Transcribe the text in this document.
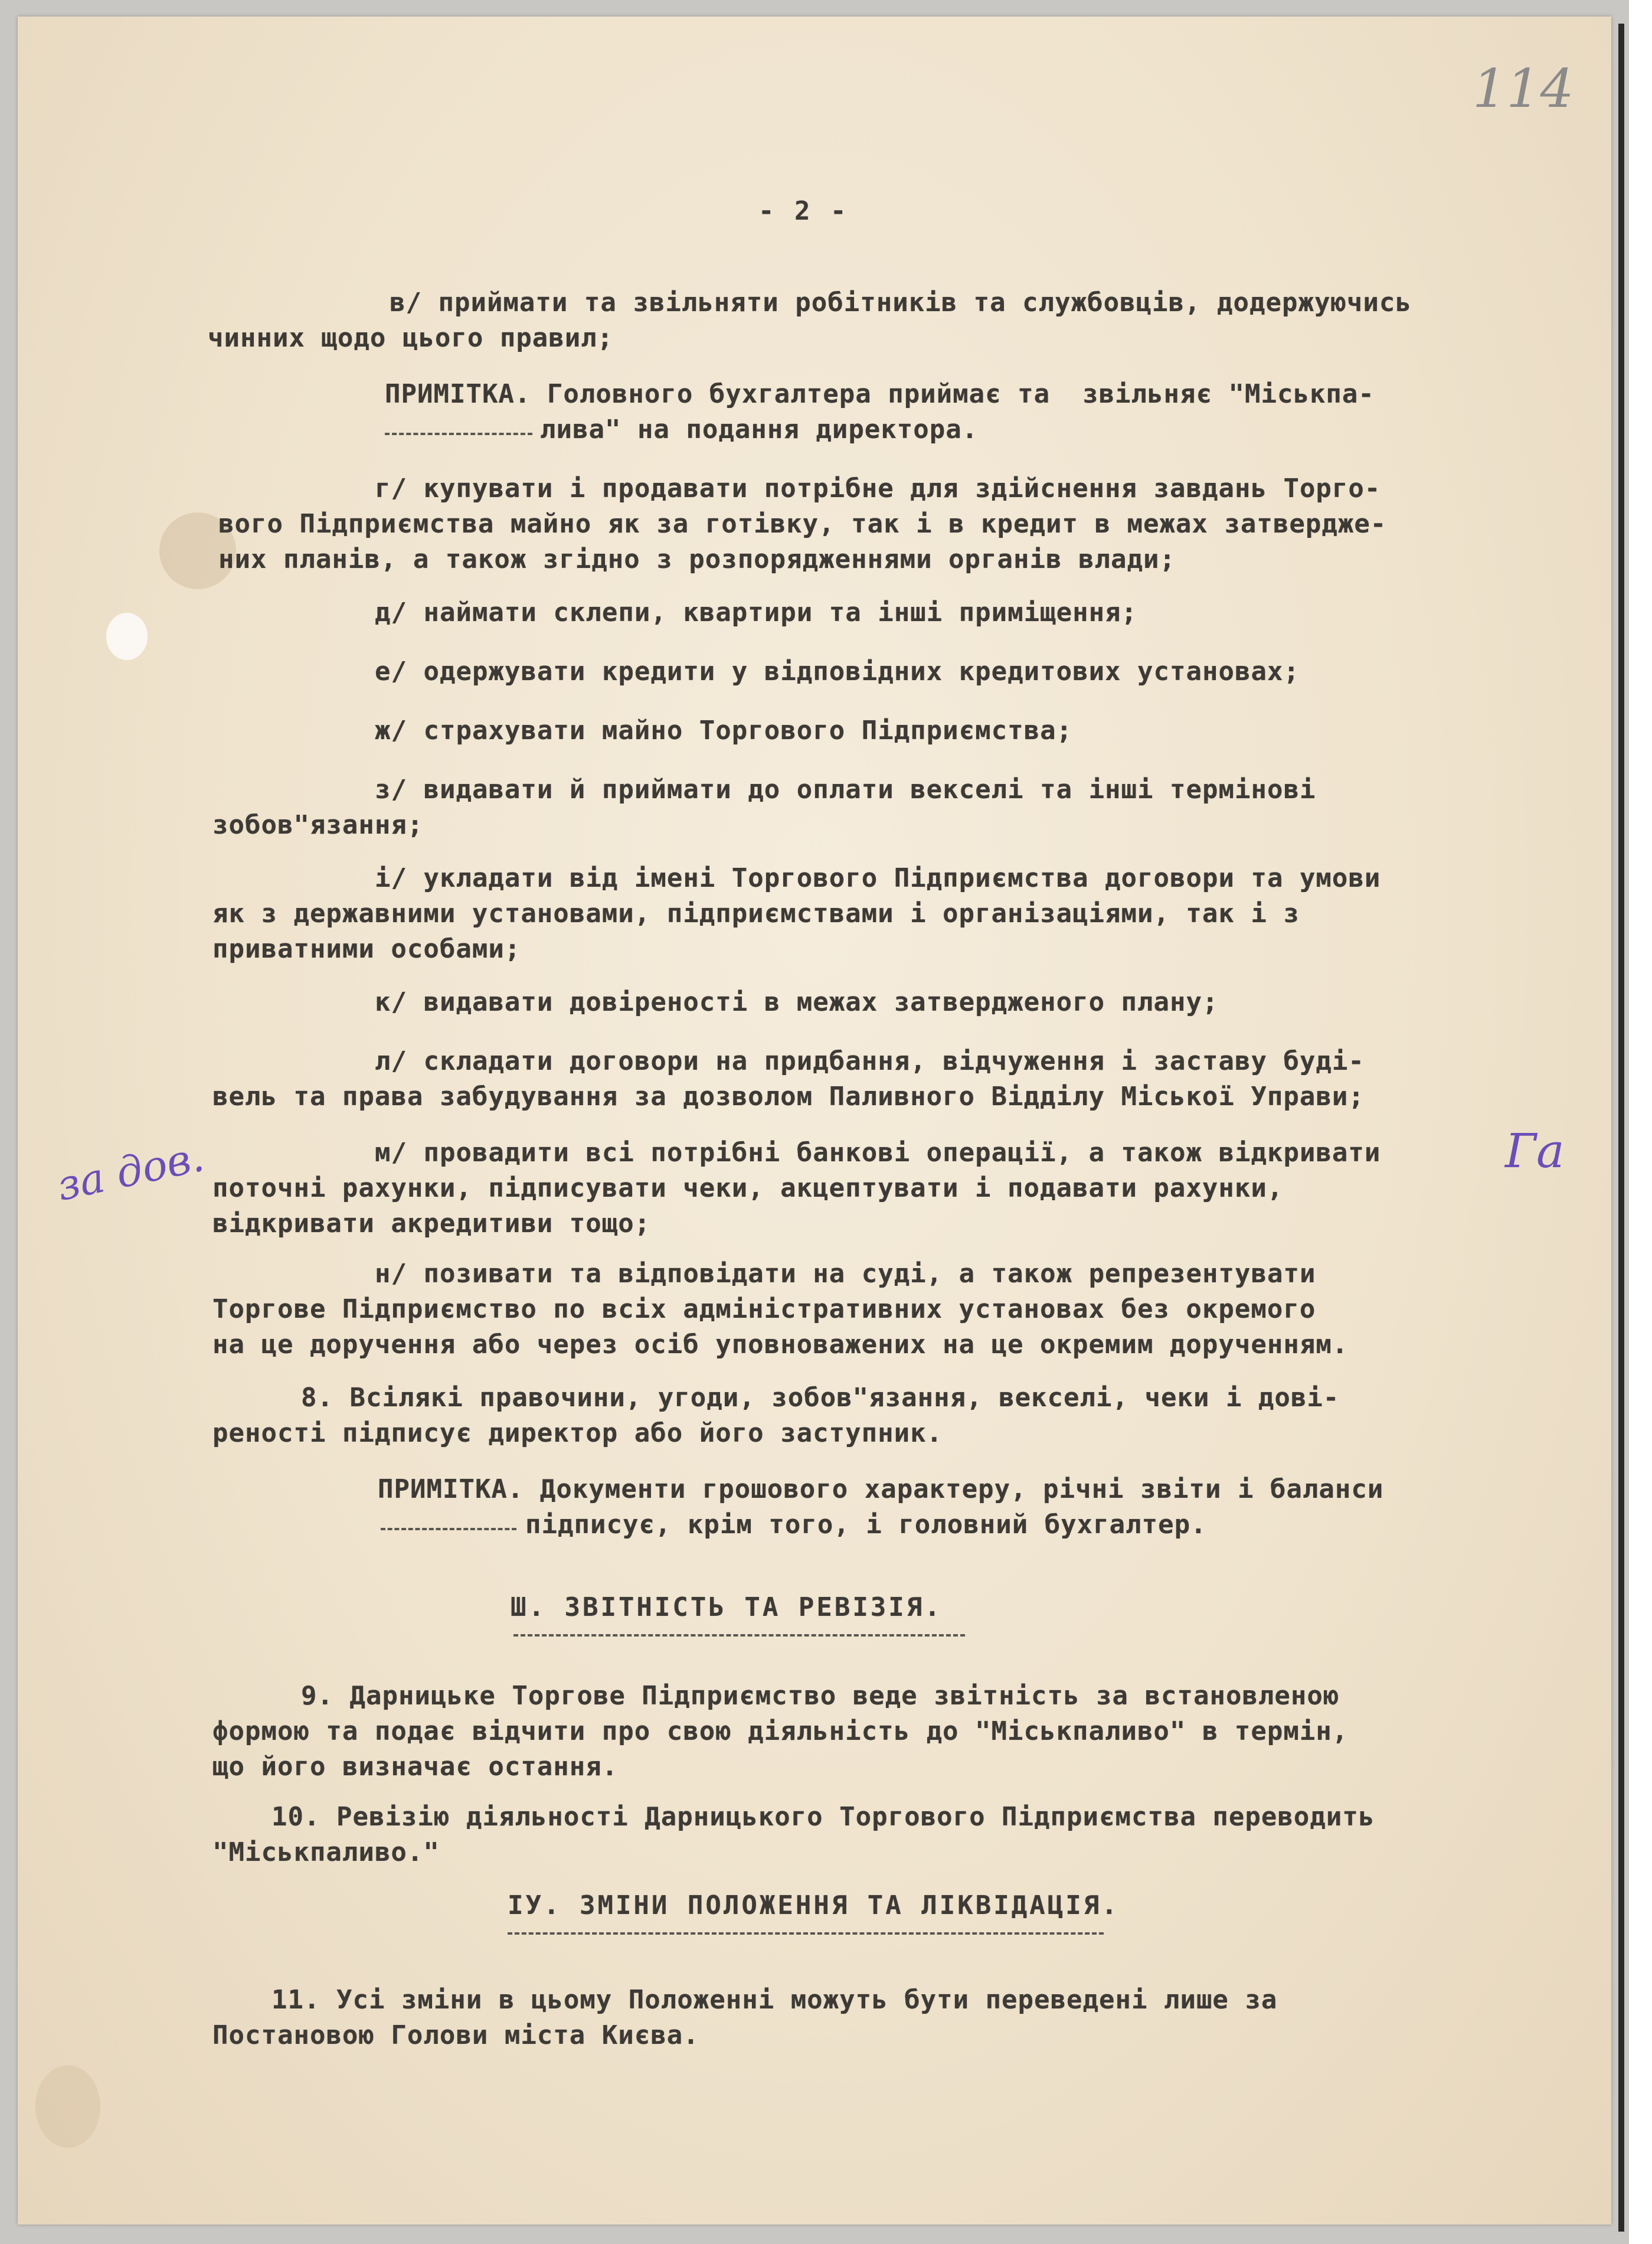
114
- 2 -
в/ приймати та звільняти робітників та службовців, додержуючись
чинних щодо цього правил;
ПРИМІТКА. Головного бухгалтера приймає та  звільняє "Міськпа-
лива" на подання директора.
г/ купувати і продавати потрібне для здійснення завдань Торго-
вого Підприємства майно як за готівку, так і в кредит в межах затвердже-
них планів, а також згідно з розпорядженнями органів влади;
д/ наймати склепи, квартири та інші приміщення;
е/ одержувати кредити у відповідних кредитових установах;
ж/ страхувати майно Торгового Підприємства;
з/ видавати й приймати до оплати векселі та інші термінові
зобов"язання;
і/ укладати від імені Торгового Підприємства договори та умови
як з державними установами, підприємствами і організаціями, так і з
приватними особами;
к/ видавати довіреності в межах затвердженого плану;
л/ складати договори на придбання, відчуження і заставу буді-
вель та права забудування за дозволом Паливного Відділу Міської Управи;
м/ провадити всі потрібні банкові операції, а також відкривати
поточні рахунки, підписувати чеки, акцептувати і подавати рахунки,
відкривати акредитиви тощо;
за дов.	Га
н/ позивати та відповідати на суді, а також репрезентувати
Торгове Підприємство по всіх адміністративних установах без окремого
на це доручення або через осіб уповноважених на це окремим дорученням.
8. Всілякі правочини, угоди, зобов"язання, векселі, чеки і дові-
реності підписує директор або його заступник.
ПРИМІТКА. Документи грошового характеру, річні звіти і баланси
підписує, крім того, і головний бухгалтер.
Ш. ЗВІТНІСТЬ ТА РЕВІЗІЯ.
9. Дарницьке Торгове Підприємство веде звітність за встановленою
формою та подає відчити про свою діяльність до "Міськпаливо" в термін,
що його визначає остання.
10. Ревізію діяльності Дарницького Торгового Підприємства переводить
"Міськпаливо."
ІУ. ЗМІНИ ПОЛОЖЕННЯ ТА ЛІКВІДАЦІЯ.
11. Усі зміни в цьому Положенні можуть бути переведені лише за
Постановою Голови міста Києва.
